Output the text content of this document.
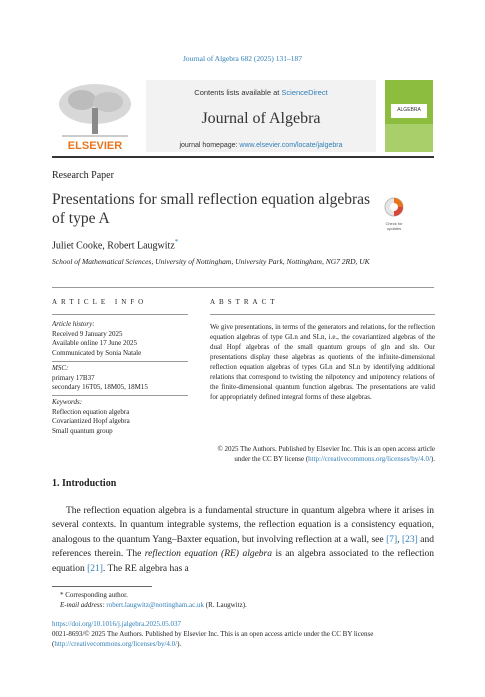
Journal of Algebra 682 (2025) 131–187
ELSEVIER
Contents lists available at ScienceDirect
Journal of Algebra
journal homepage: www.elsevier.com/locate/jalgebra
ALGEBRA
Research Paper
Presentations for small reflection equation algebras of type A	Check for updates
Juliet Cooke, Robert Laugwitz*
School of Mathematical Sciences, University of Nottingham, University Park, Nottingham, NG7 2RD, UK
ARTICLE INFO
Article history:
Received 9 January 2025
Available online 17 June 2025
Communicated by Sonia Natale
MSC:
primary 17B37
secondary 16T05, 18M05, 18M15
Keywords:
Reflection equation algebra
Covariantized Hopf algebra
Small quantum group
ABSTRACT
We give presentations, in terms of the generators and relations, for the reflection equation algebras of type GLn and SLn, i.e., the covariantized algebras of the dual Hopf algebras of the small quantum groups of gln and sln. Our presentations display these algebras as quotients of the infinite-dimensional reflection equation algebras of types GLn and SLn by identifying additional relations that correspond to twisting the nilpotency and unipotency relations of the finite-dimensional quantum function algebras. The presentations are valid for appropriately defined integral forms of these algebras.
© 2025 The Authors. Published by Elsevier Inc. This is an open access article under the CC BY license (http://creativecommons.org/licenses/by/4.0/).
1. Introduction
The reflection equation algebra is a fundamental structure in quantum algebra where it arises in several contexts. In quantum integrable systems, the reflection equation is a consistency equation, analogous to the quantum Yang–Baxter equation, but involving reflection at a wall, see [7], [23] and references therein. The reflection equation (RE) algebra is an algebra associated to the reflection equation [21]. The RE algebra has a
* Corresponding author.
E-mail address: robert.laugwitz@nottingham.ac.uk (R. Laugwitz).
https://doi.org/10.1016/j.jalgebra.2025.05.037
0021-8693/© 2025 The Authors. Published by Elsevier Inc. This is an open access article under the CC BY license (http://creativecommons.org/licenses/by/4.0/).
